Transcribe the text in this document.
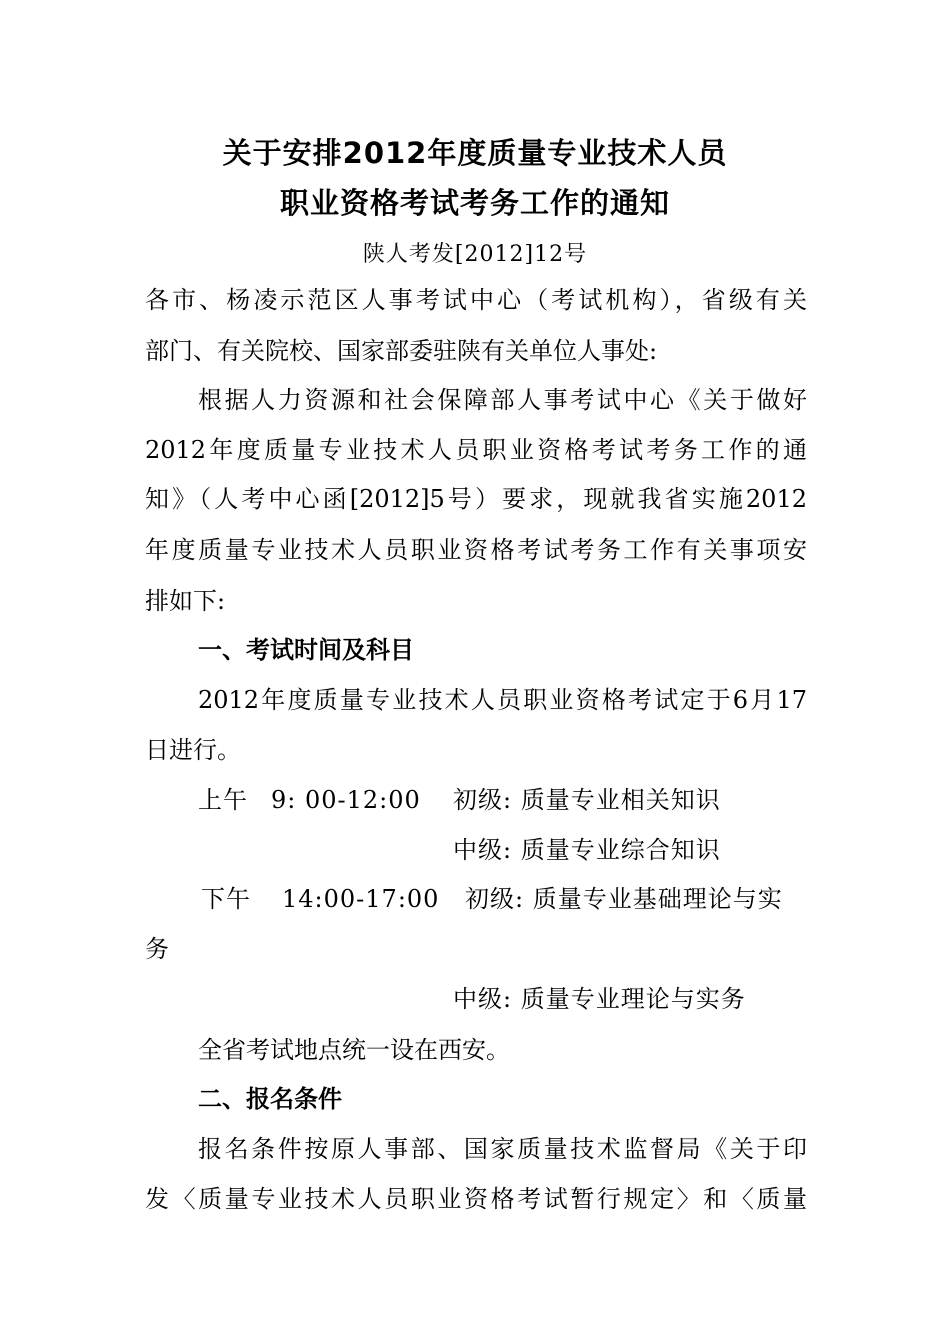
关于安排2012年度质量专业技术人员
职业资格考试考务工作的通知
陕人考发[2012]12号
各市、杨凌示范区人事考试中心（考试机构），省级有关
部门、有关院校、国家部委驻陕有关单位人事处:
根据人力资源和社会保障部人事考试中心《关于做好
2012年度质量专业技术人员职业资格考试考务工作的通
知》（人考中心函[2012]5号）要求，现就我省实施2012
年度质量专业技术人员职业资格考试考务工作有关事项安
排如下:
一、考试时间及科目
2012年度质量专业技术人员职业资格考试定于6月17
日进行。
上午 9: 00-12:00 初级: 质量专业相关知识
中级: 质量专业综合知识
下午 14:00-17:00 初级: 质量专业基础理论与实
务
中级: 质量专业理论与实务
全省考试地点统一设在西安。
二、报名条件
报名条件按原人事部、国家质量技术监督局《关于印
发〈质量专业技术人员职业资格考试暂行规定〉和〈质量
